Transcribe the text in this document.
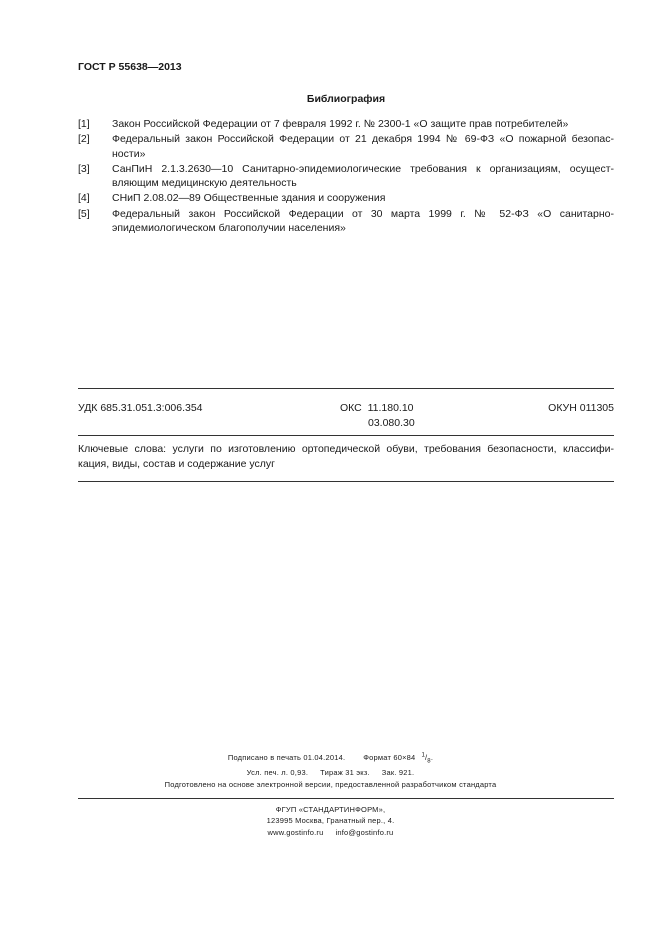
ГОСТ Р 55638—2013
Библиография
[1] Закон Российской Федерации от 7 февраля 1992 г. № 2300-1 «О защите прав потребителей»
[2] Федеральный закон Российской Федерации от 21 декабря 1994 № 69-ФЗ «О пожарной безопас-ности»
[3] СанПиН 2.1.3.2630—10 Санитарно-эпидемиологические требования к организациям, осущест-вляющим медицинскую деятельность
[4] СНиП 2.08.02—89 Общественные здания и сооружения
[5] Федеральный закон Российской Федерации от 30 марта 1999 г. № 52-ФЗ «О санитарно-эпидемиологическом благополучии населения»
УДК 685.31.051.3:006.354	ОКС 11.180.10
03.080.30
ОКУН 011305
Ключевые слова: услуги по изготовлению ортопедической обуви, требования безопасности, классифи-кация, виды, состав и содержание услуг
Подписано в печать 01.04.2014. Формат 60×84 $^1/_8$.
Усл. печ. л. 0,93. Тираж 31 экз. Зак. 921.
Подготовлено на основе электронной версии, предоставленной разработчиком стандарта
ФГУП «СТАНДАРТИНФОРМ»,
123995 Москва, Гранатный пер., 4.
www.gostinfo.ru info@gostinfo.ru
